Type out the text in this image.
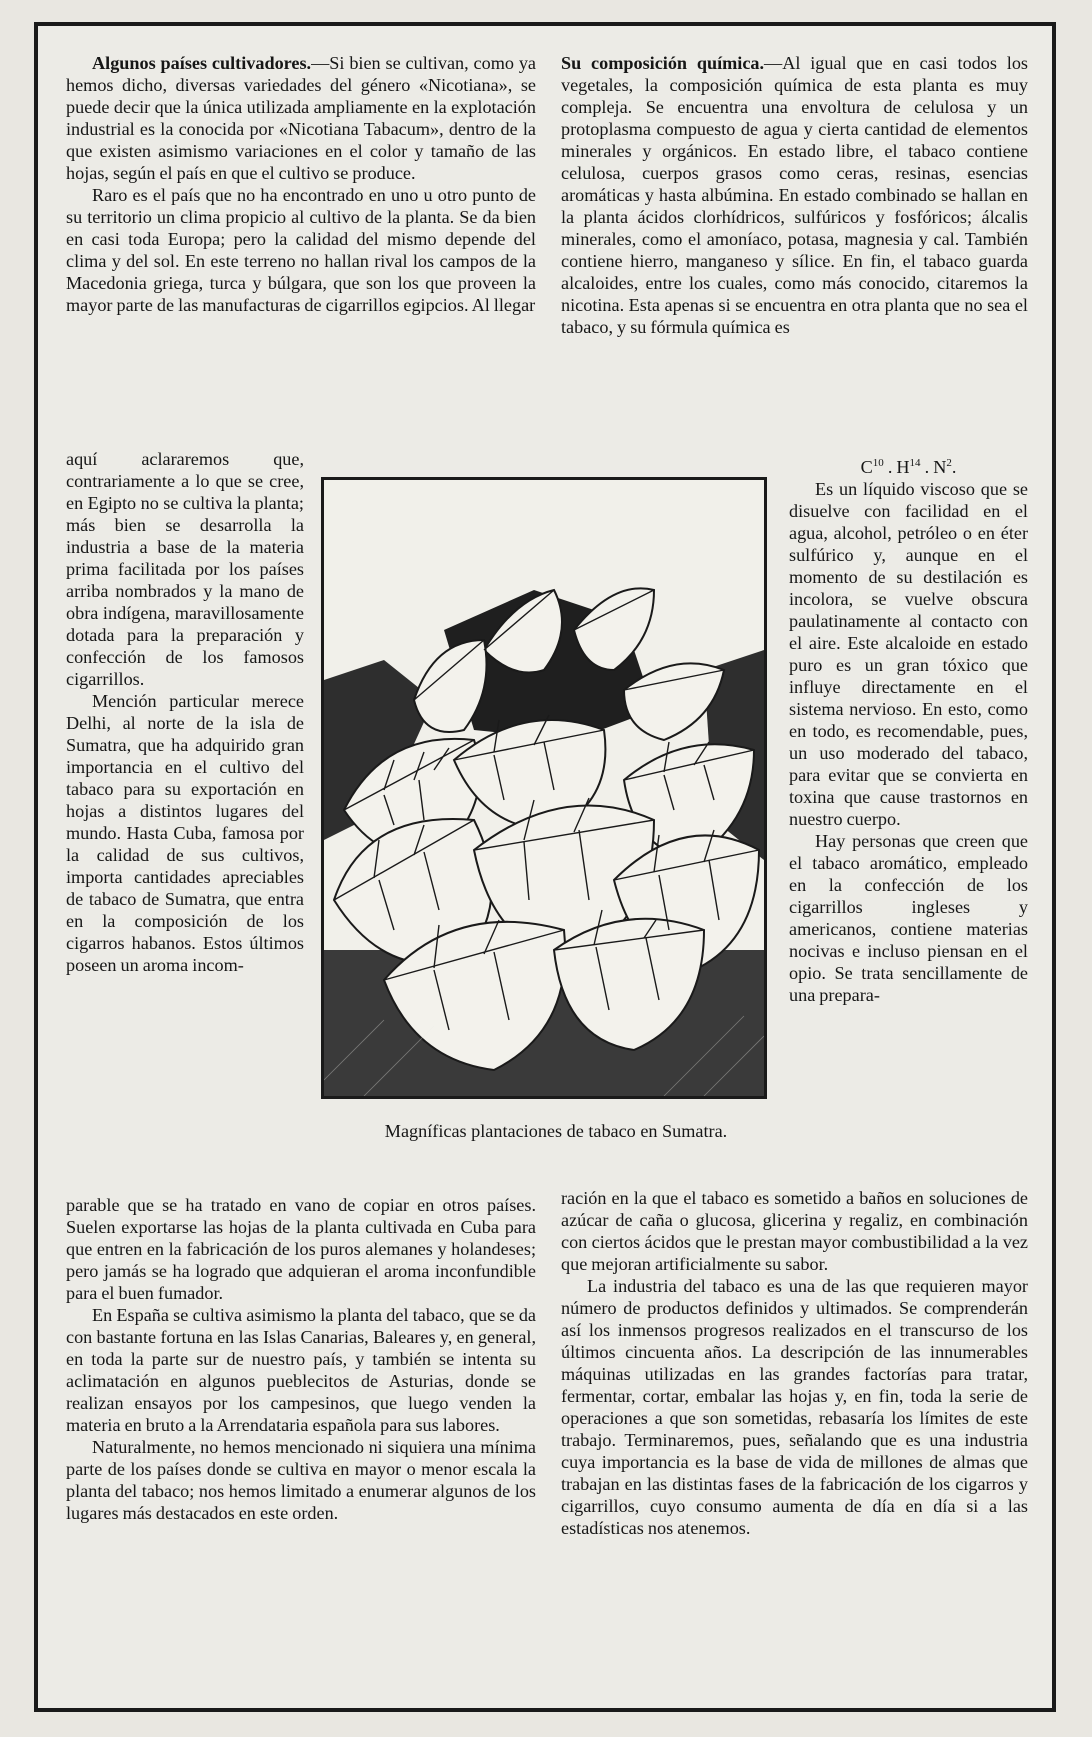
Algunos países cultivadores.—Si bien se cultivan, como ya hemos dicho, diversas variedades del género «Nicotiana», se puede decir que la única utilizada ampliamente en la explotación industrial es la conocida por «Nicotiana Tabacum», dentro de la que existen asimismo variaciones en el color y tamaño de las hojas, según el país en que el cultivo se produce.

Raro es el país que no ha encontrado en uno u otro punto de su territorio un clima propicio al cultivo de la planta. Se da bien en casi toda Europa; pero la calidad del mismo depende del clima y del sol. En este terreno no hallan rival los campos de la Macedonia griega, turca y búlgara, que son los que proveen la mayor parte de las manufacturas de cigarrillos egipcios. Al llegar

aquí aclararemos que, contrariamente a lo que se cree, en Egipto no se cultiva la planta; más bien se desarrolla la industria a base de la materia prima facilitada por los países arriba nombrados y la mano de obra indígena, maravillosamente dotada para la preparación y confección de los famosos cigarrillos.

Mención particular merece Delhi, al norte de la isla de Sumatra, que ha adquirido gran importancia en el cultivo del tabaco para su exportación en hojas a distintos lugares del mundo. Hasta Cuba, famosa por la calidad de sus cultivos, importa cantidades apreciables de tabaco de Sumatra, que entra en la composición de los cigarros habanos. Estos últimos poseen un aroma incom-

parable que se ha tratado en vano de copiar en otros países. Suelen exportarse las hojas de la planta cultivada en Cuba para que entren en la fabricación de los puros alemanes y holandeses; pero jamás se ha logrado que adquieran el aroma inconfundible para el buen fumador.

En España se cultiva asimismo la planta del tabaco, que se da con bastante fortuna en las Islas Canarias, Baleares y, en general, en toda la parte sur de nuestro país, y también se intenta su aclimatación en algunos pueblecitos de Asturias, donde se realizan ensayos por los campesinos, que luego venden la materia en bruto a la Arrendataria española para sus labores.

Naturalmente, no hemos mencionado ni siquiera una mínima parte de los países donde se cultiva en mayor o menor escala la planta del tabaco; nos hemos limitado a enumerar algunos de los lugares más destacados en este orden.

Su composición química.—Al igual que en casi todos los vegetales, la composición química de esta planta es muy compleja. Se encuentra una envoltura de celulosa y un protoplasma compuesto de agua y cierta cantidad de elementos minerales y orgánicos. En estado libre, el tabaco contiene celulosa, cuerpos grasos como ceras, resinas, esencias aromáticas y hasta albúmina. En estado combinado se hallan en la planta ácidos clorhídricos, sulfúricos y fosfóricos; álcalis minerales, como el amoníaco, potasa, magnesia y cal. También contiene hierro, manganeso y sílice. En fin, el tabaco guarda alcaloides, entre los cuales, como más conocido, citaremos la nicotina. Esta apenas si se encuentra en otra planta que no sea el tabaco, y su fórmula química es

$C^{10}$ . $H^{14}$ . $N^2$.

Es un líquido viscoso que se disuelve con facilidad en el agua, alcohol, petróleo o en éter sulfúrico y, aunque en el momento de su destilación es incolora, se vuelve obscura paulatinamente al contacto con el aire. Este alcaloide en estado puro es un gran tóxico que influye directamente en el sistema nervioso. En esto, como en todo, es recomendable, pues, un uso moderado del tabaco, para evitar que se convierta en toxina que cause trastornos en nuestro cuerpo.

Hay personas que creen que el tabaco aromático, empleado en la confección de los cigarrillos ingleses y americanos, contiene materias nocivas e incluso piensan en el opio. Se trata sencillamente de una prepara-

ración en la que el tabaco es sometido a baños en soluciones de azúcar de caña o glucosa, glicerina y regaliz, en combinación con ciertos ácidos que le prestan mayor combustibilidad a la vez que mejoran artificialmente su sabor.

La industria del tabaco es una de las que requieren mayor número de productos definidos y ultimados. Se comprenderán así los inmensos progresos realizados en el transcurso de los últimos cincuenta años. La descripción de las innumerables máquinas utilizadas en las grandes factorías para tratar, fermentar, cortar, embalar las hojas y, en fin, toda la serie de operaciones a que son sometidas, rebasaría los límites de este trabajo. Terminaremos, pues, señalando que es una industria cuya importancia es la base de vida de millones de almas que trabajan en las distintas fases de la fabricación de los cigarros y cigarrillos, cuyo consumo aumenta de día en día si a las estadísticas nos atenemos.

Magníficas plantaciones de tabaco en Sumatra.
